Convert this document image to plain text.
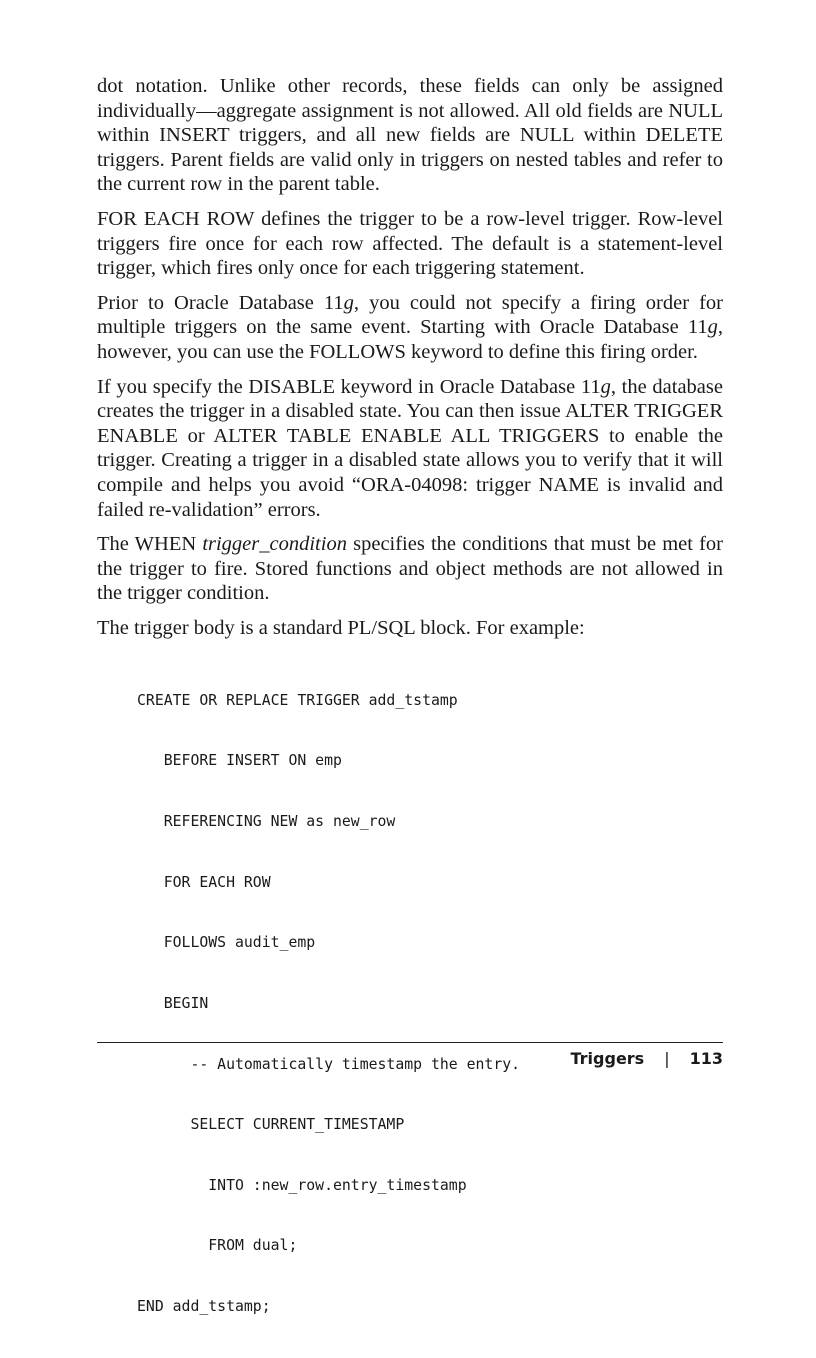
dot notation. Unlike other records, these fields can only be assigned individually—aggregate assignment is not allowed. All old fields are NULL within INSERT triggers, and all new fields are NULL within DELETE triggers. Parent fields are valid only in triggers on nested tables and refer to the current row in the parent table.

FOR EACH ROW defines the trigger to be a row-level trigger. Row-level triggers fire once for each row affected. The default is a statement-level trigger, which fires only once for each triggering statement.

Prior to Oracle Database 11g, you could not specify a firing order for multiple triggers on the same event. Starting with Oracle Database 11g, however, you can use the FOLLOWS keyword to define this firing order.

If you specify the DISABLE keyword in Oracle Database 11g, the database creates the trigger in a disabled state. You can then issue ALTER TRIGGER ENABLE or ALTER TABLE ENABLE ALL TRIGGERS to enable the trigger. Creating a trigger in a disabled state allows you to verify that it will compile and helps you avoid “ORA-04098: trigger NAME is invalid and failed re-validation” errors.

The WHEN trigger_condition specifies the conditions that must be met for the trigger to fire. Stored functions and object methods are not allowed in the trigger condition.

The trigger body is a standard PL/SQL block. For example:

CREATE OR REPLACE TRIGGER add_tstamp

BEFORE INSERT ON emp

REFERENCING NEW as new_row

FOR EACH ROW

FOLLOWS audit_emp

BEGIN

-- Automatically timestamp the entry.

SELECT CURRENT_TIMESTAMP

INTO :new_row.entry_timestamp

FROM dual;

END add_tstamp;

Triggers | 113
